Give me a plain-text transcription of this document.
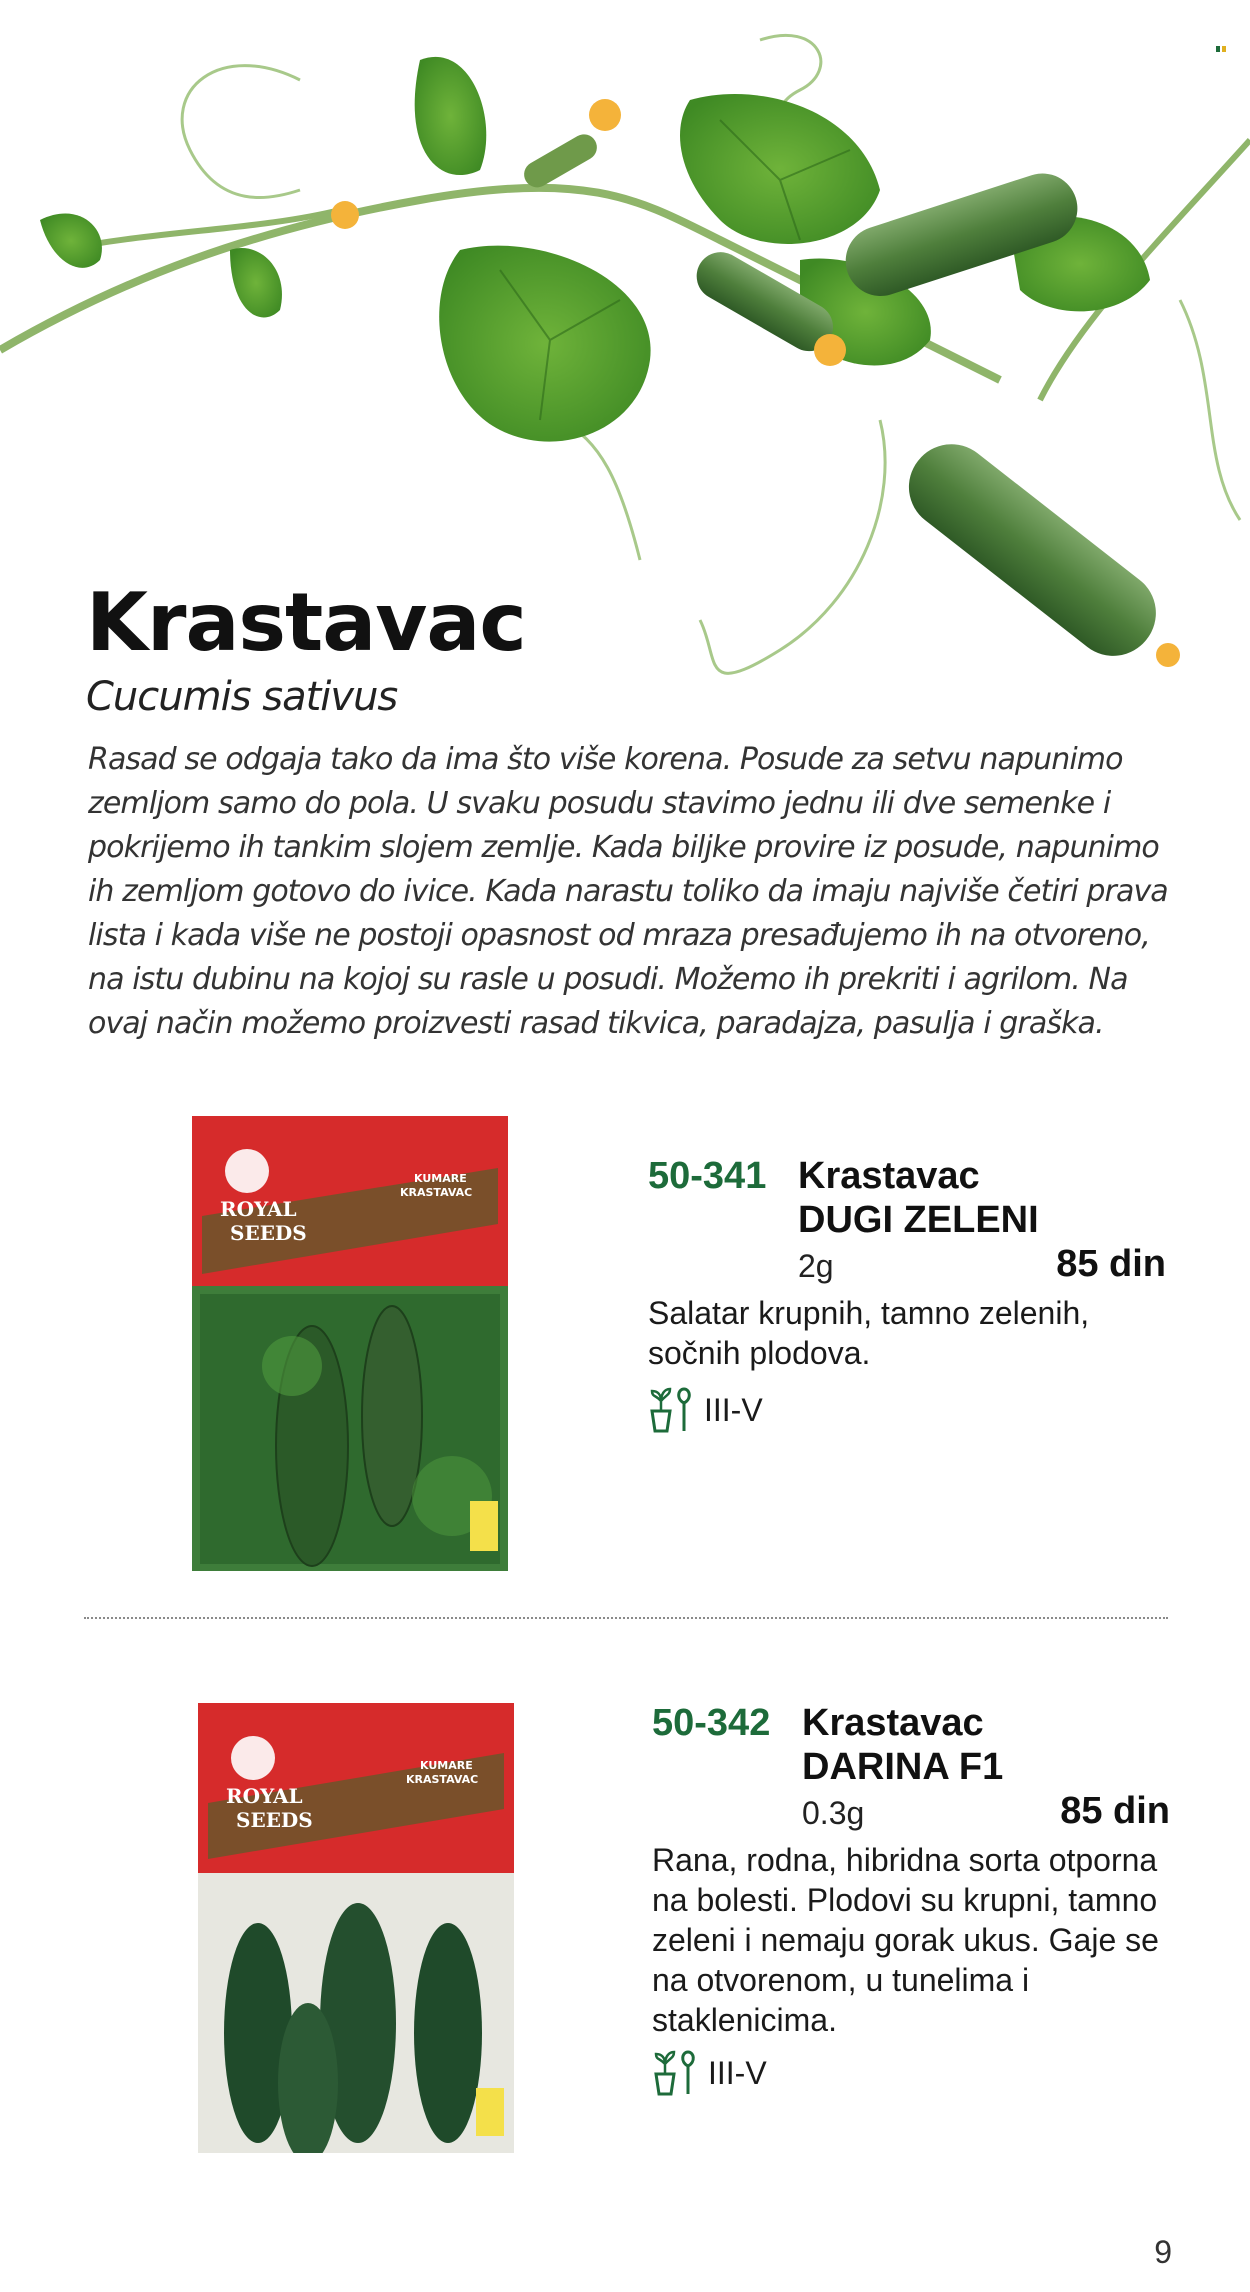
Krastavac
Cucumis sativus

Rasad se odgaja tako da ima što više korena. Posude za setvu napunimo zemljom samo do pola. U svaku posudu stavimo jednu ili dve semenke i pokrijemo ih tankim slojem zemlje. Kada biljke provire iz posude, napunimo ih zemljom gotovo do ivice. Kada narastu toliko da imaju najviše četiri prava lista i kada više ne postoji opasnost od mraza presađujemo ih na otvoreno, na istu dubinu na kojoj su rasle u posudi. Možemo ih prekriti i agrilom. Na ovaj način možemo proizvesti rasad tikvica, paradajza, pasulja i graška.

ROYAL
SEEDS
KUMARE
KRASTAVAC	50-341 Krastavac
DUGI ZELENI
2g	85 din

Salatar krupnih, tamno zelenih, sočnih plodova.

III-V
ROYAL
SEEDS
KUMARE
KRASTAVAC
50-342 Krastavac
DARINA F1
0.3g	85 din

Rana, rodna, hibridna sorta otporna na bolesti. Plodovi su krupni, tamno zeleni i nemaju gorak ukus. Gaje se na otvorenom, u tunelima i staklenicima.

III-V
9
